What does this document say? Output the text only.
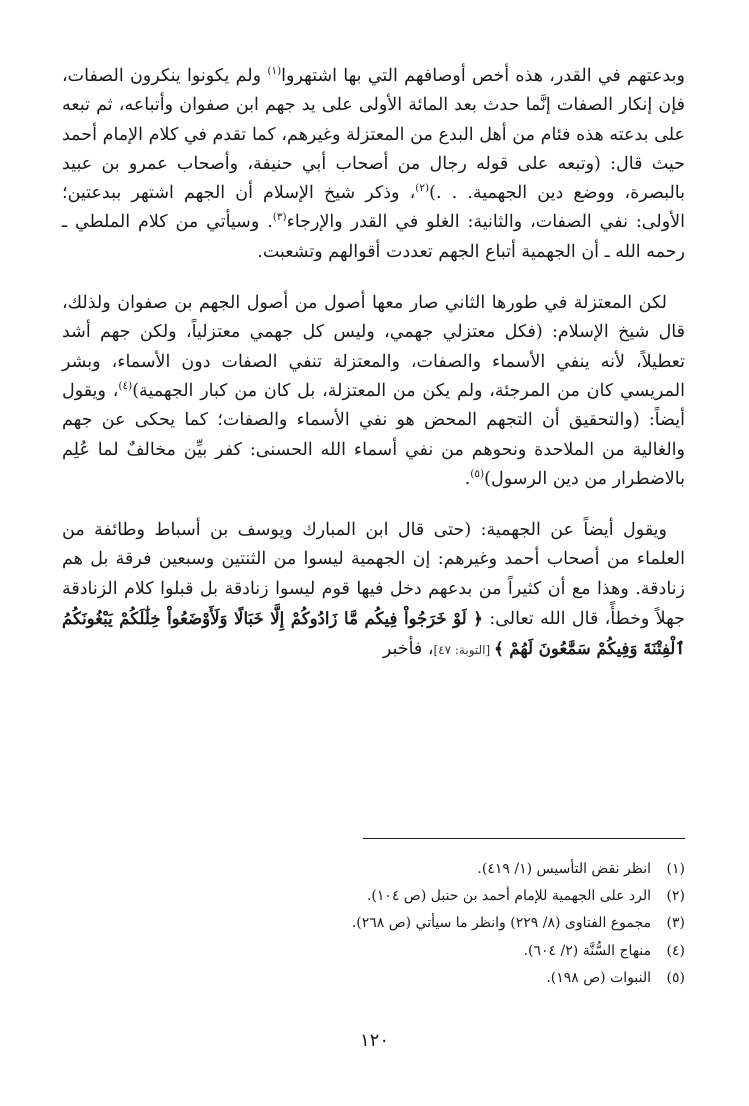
وبدعتهم في القدر، هذه أخص أوصافهم التي بها اشتهروا$^{(١)}$ ولم يكونوا ينكرون الصفات، فإن إنكار الصفات إنَّما حدث بعد المائة الأولى على يد جهم ابن صفوان وأتباعه، ثم تبعه على بدعته هذه فئام من أهل البدع من المعتزلة وغيرهم، كما تقدم في كلام الإمام أحمد حيث قال: (وتبعه على قوله رجال من أصحاب أبي حنيفة، وأصحاب عمرو بن عبيد بالبصرة، ووضع دين الجهمية. . .)$^{(٢)}$، وذكر شيخ الإسلام أن الجهم اشتهر ببدعتين؛ الأولى: نفي الصفات، والثانية: الغلو في القدر والإرجاء$^{(٣)}$. وسيأتي من كلام الملطي ـ رحمه الله ـ أن الجهمية أتباع الجهم تعددت أقوالهم وتشعبت.

لكن المعتزلة في طورها الثاني صار معها أصول من أصول الجهم بن صفوان ولذلك، قال شيخ الإسلام: (فكل معتزلي جهمي، وليس كل جهمي معتزلياً، ولكن جهم أشد تعطيلاً، لأنه ينفي الأسماء والصفات، والمعتزلة تنفي الصفات دون الأسماء، وبشر المريسي كان من المرجئة، ولم يكن من المعتزلة، بل كان من كبار الجهمية)$^{(٤)}$، ويقول أيضاً: (والتحقيق أن التجهم المحض هو نفي الأسماء والصفات؛ كما يحكى عن جهم والغالية من الملاحدة ونحوهم من نفي أسماء الله الحسنى: كفر بيِّن مخالفٌ لما عُلِم بالاضطرار من دين الرسول)$^{(٥)}$.

ويقول أيضاً عن الجهمية: (حتى قال ابن المبارك ويوسف بن أسباط وطائفة من العلماء من أصحاب أحمد وغيرهم: إن الجهمية ليسوا من الثنتين وسبعين فرقة بل هم زنادقة. وهذا مع أن كثيراً من بدعهم دخل فيها قوم ليسوا زنادقة بل قبلوا كلام الزنادقة جهلاً وخطأً، قال الله تعالى: ﴿ لَوْ خَرَجُواْ فِيكُم مَّا زَادُوكُمْ إِلَّا خَبَالًا وَلَأَوْضَعُواْ خِلَٰلَكُمْ يَبْغُونَكُمُ ٱلْفِتْنَةَ وَفِيكُمْ سَمَّٰعُونَ لَهُمْ ﴾ [التوبة: ٤٧]، فأخبر

(١)
انظر نقض التأسيس (١/ ٤١٩).
(٢)
الرد على الجهمية للإمام أحمد بن حنبل (ص ١٠٤).
(٣)
مجموع الفتاوى (٨/ ٢٢٩) وانظر ما سيأتي (ص ٢٦٨).
(٤)
منهاج السُّنَّة (٢/ ٦٠٤).
(٥)
النبوات (ص ١٩٨).
١٢٠
